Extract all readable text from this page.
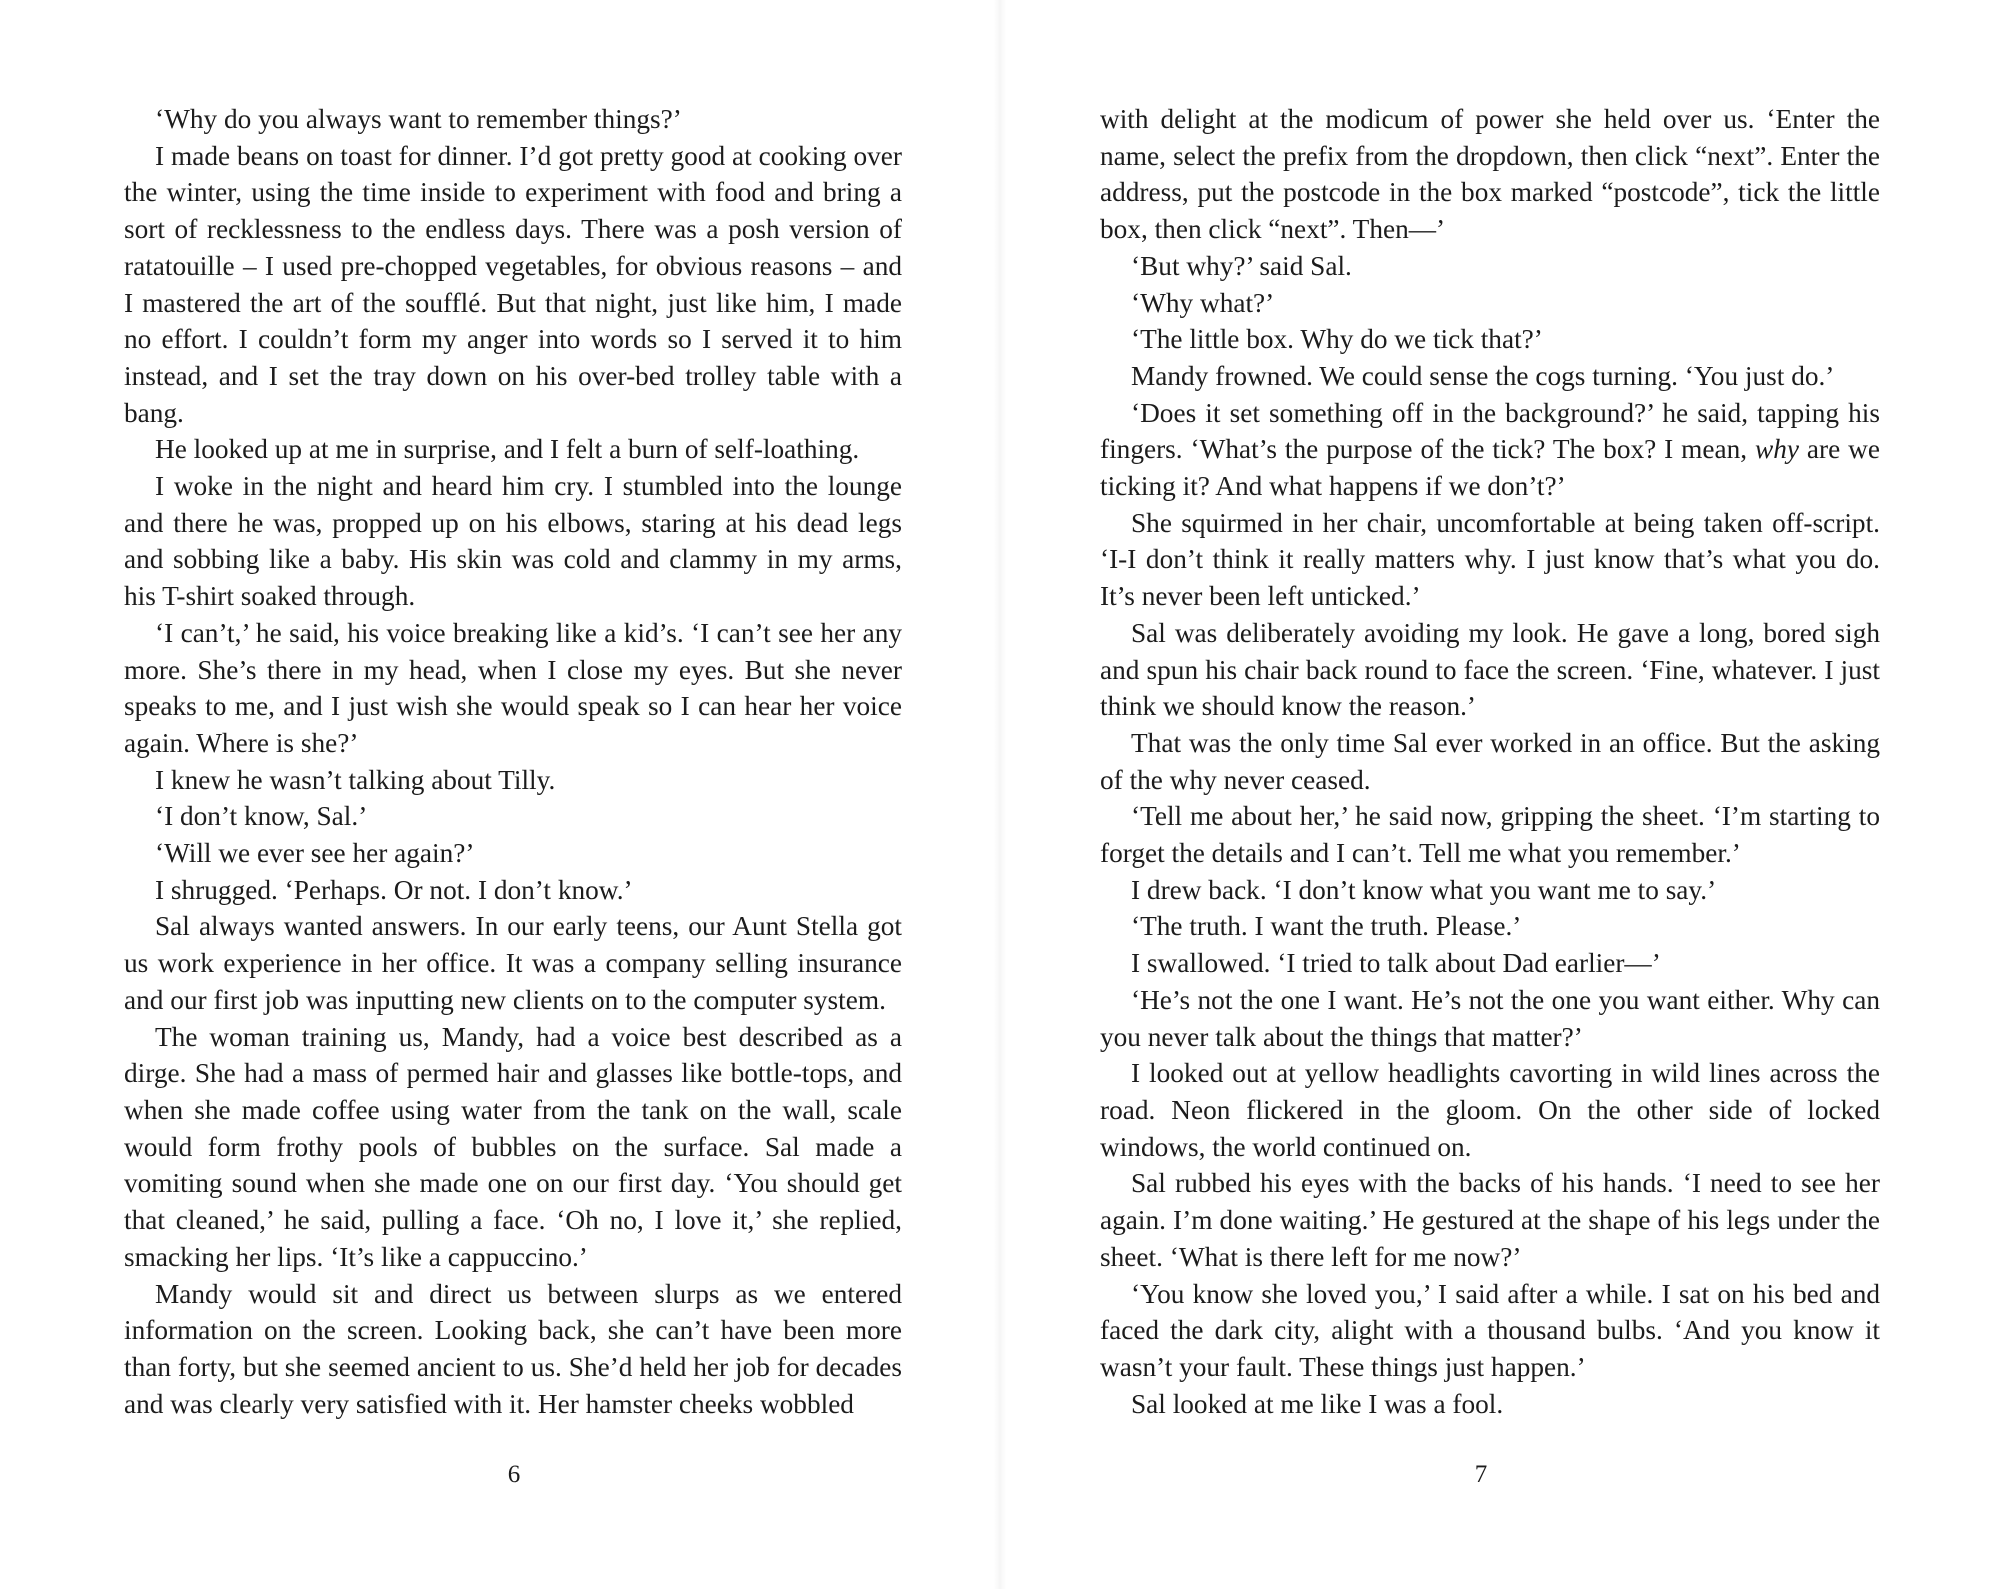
‘Why do you always want to remember things?’

I made beans on toast for dinner. I’d got pretty good at cooking over the winter, using the time inside to experiment with food and bring a sort of recklessness to the endless days. There was a posh version of ratatouille – I used pre-chopped vegetables, for obvious reasons – and I mastered the art of the soufflé. But that night, just like him, I made no effort. I couldn’t form my anger into words so I served it to him instead, and I set the tray down on his over-bed trolley table with a bang.

He looked up at me in surprise, and I felt a burn of self-loathing.

I woke in the night and heard him cry. I stumbled into the lounge and there he was, propped up on his elbows, staring at his dead legs and sobbing like a baby. His skin was cold and clammy in my arms, his T-shirt soaked through.

‘I can’t,’ he said, his voice breaking like a kid’s. ‘I can’t see her any more. She’s there in my head, when I close my eyes. But she never speaks to me, and I just wish she would speak so I can hear her voice again. Where is she?’

I knew he wasn’t talking about Tilly.

‘I don’t know, Sal.’

‘Will we ever see her again?’

I shrugged. ‘Perhaps. Or not. I don’t know.’

Sal always wanted answers. In our early teens, our Aunt Stella got us work experience in her office. It was a company selling insurance and our first job was inputting new clients on to the computer system.

The woman training us, Mandy, had a voice best described as a dirge. She had a mass of permed hair and glasses like bottle-tops, and when she made coffee using water from the tank on the wall, scale would form frothy pools of bubbles on the surface. Sal made a vomiting sound when she made one on our first day. ‘You should get that cleaned,’ he said, pulling a face. ‘Oh no, I love it,’ she replied, smacking her lips. ‘It’s like a cappuccino.’

Mandy would sit and direct us between slurps as we entered information on the screen. Looking back, she can’t have been more than forty, but she seemed ancient to us. She’d held her job for decades and was clearly very satisfied with it. Her hamster cheeks wobbled

6

with delight at the modicum of power she held over us. ‘Enter the name, select the prefix from the dropdown, then click “next”. Enter the address, put the postcode in the box marked “postcode”, tick the little box, then click “next”. Then—’

‘But why?’ said Sal.

‘Why what?’

‘The little box. Why do we tick that?’

Mandy frowned. We could sense the cogs turning. ‘You just do.’

‘Does it set something off in the background?’ he said, tapping his fingers. ‘What’s the purpose of the tick? The box? I mean, why are we ticking it? And what happens if we don’t?’

She squirmed in her chair, uncomfortable at being taken off-script. ‘I-I don’t think it really matters why. I just know that’s what you do. It’s never been left unticked.’

Sal was deliberately avoiding my look. He gave a long, bored sigh and spun his chair back round to face the screen. ‘Fine, whatever. I just think we should know the reason.’

That was the only time Sal ever worked in an office. But the asking of the why never ceased.

‘Tell me about her,’ he said now, gripping the sheet. ‘I’m starting to forget the details and I can’t. Tell me what you remember.’

I drew back. ‘I don’t know what you want me to say.’

‘The truth. I want the truth. Please.’

I swallowed. ‘I tried to talk about Dad earlier—’

‘He’s not the one I want. He’s not the one you want either. Why can you never talk about the things that matter?’

I looked out at yellow headlights cavorting in wild lines across the road. Neon flickered in the gloom. On the other side of locked windows, the world continued on.

Sal rubbed his eyes with the backs of his hands. ‘I need to see her again. I’m done waiting.’ He gestured at the shape of his legs under the sheet. ‘What is there left for me now?’

‘You know she loved you,’ I said after a while. I sat on his bed and faced the dark city, alight with a thousand bulbs. ‘And you know it wasn’t your fault. These things just happen.’

Sal looked at me like I was a fool.

7
